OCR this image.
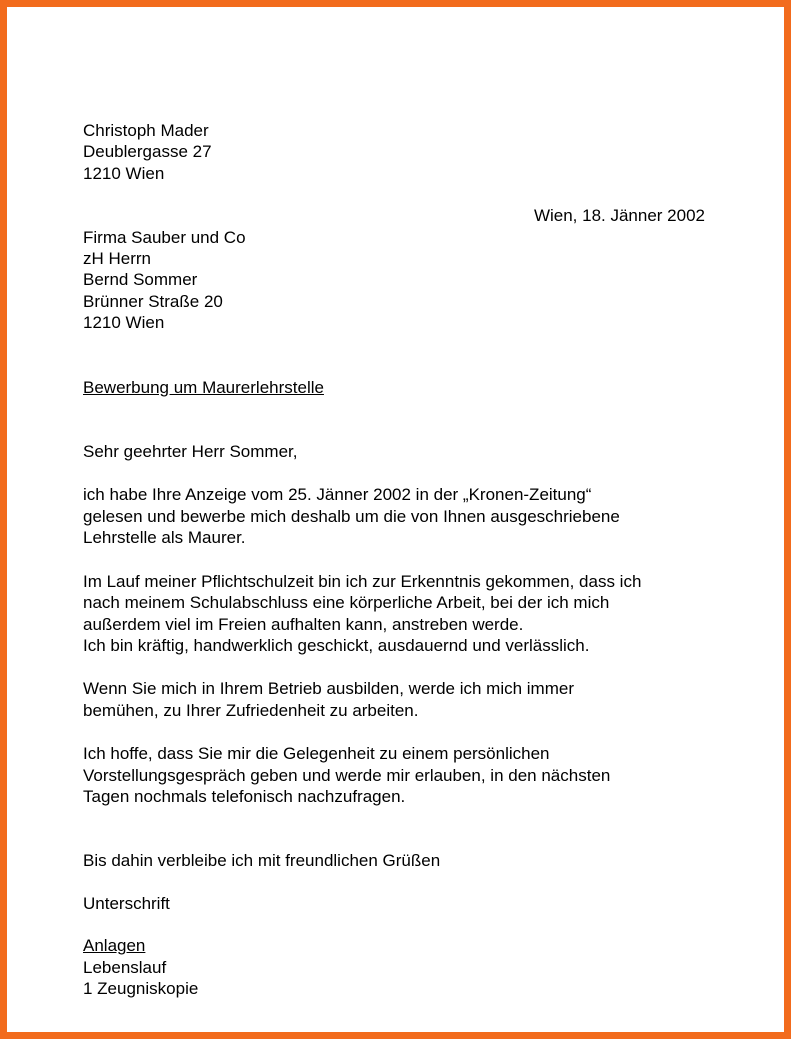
Christoph Mader
Deublergasse 27
1210 Wien
Wien, 18. Jänner 2002
Firma Sauber und Co
zH Herrn
Bernd Sommer
Brünner Straße 20
1210 Wien
Bewerbung um Maurerlehrstelle
Sehr geehrter Herr Sommer,
ich habe Ihre Anzeige vom 25. Jänner 2002 in der „Kronen-Zeitung“
gelesen und bewerbe mich deshalb um die von Ihnen ausgeschriebene
Lehrstelle als Maurer.
Im Lauf meiner Pflichtschulzeit bin ich zur Erkenntnis gekommen, dass ich
nach meinem Schulabschluss eine körperliche Arbeit, bei der ich mich
außerdem viel im Freien aufhalten kann, anstreben werde.
Ich bin kräftig, handwerklich geschickt, ausdauernd und verlässlich.
Wenn Sie mich in Ihrem Betrieb ausbilden, werde ich mich immer
bemühen, zu Ihrer Zufriedenheit zu arbeiten.
Ich hoffe, dass Sie mir die Gelegenheit zu einem persönlichen
Vorstellungsgespräch geben und werde mir erlauben, in den nächsten
Tagen nochmals telefonisch nachzufragen.
Bis dahin verbleibe ich mit freundlichen Grüßen
Unterschrift
Anlagen
Lebenslauf
1 Zeugniskopie
